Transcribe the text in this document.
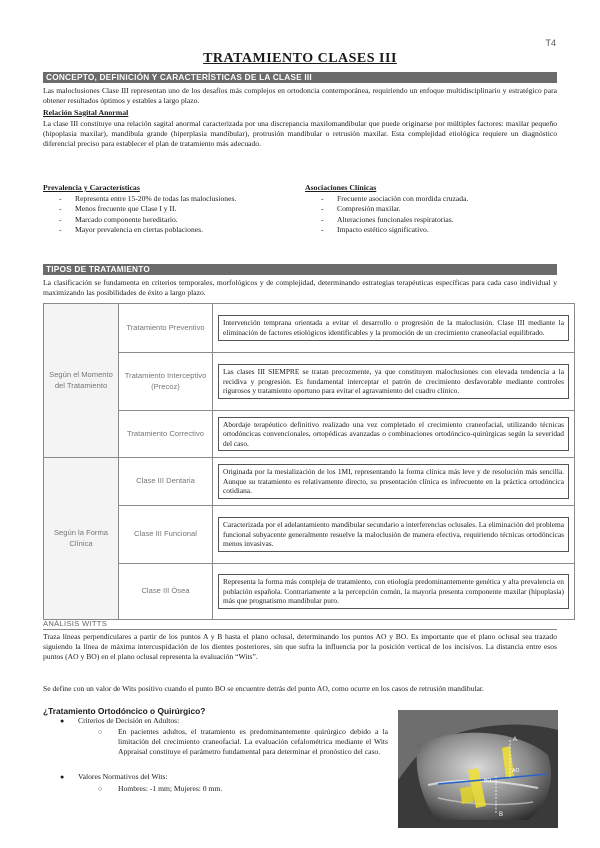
T4
TRATAMIENTO CLASES III
CONCEPTO, DEFINICIÓN Y CARACTERÍSTICAS DE LA CLASE III

Las maloclusiones Clase III representan uno de los desafíos más complejos en ortodoncia contemporánea, requiriendo un enfoque multidisciplinario y estratégico para obtener resultados óptimos y estables a largo plazo.

Relación Sagital Anormal

La clase III constituye una relación sagital anormal caracterizada por una discrepancia maxilomandibular que puede originarse por múltiples factores: maxilar pequeño (hipoplasia maxilar), mandíbula grande (hiperplasia mandibular), protrusión mandibular o retrusión maxilar. Esta complejidad etiológica requiere un diagnóstico diferencial preciso para establecer el plan de tratamiento más adecuado.

Prevalencia y Características
- Representa entre 15-20% de todas las maloclusiones.
- Menos frecuente que Clase I y II.
- Marcado componente hereditario.
- Mayor prevalencia en ciertas poblaciones.
Asociaciones Clínicas
- Frecuente asociación con mordida cruzada.
- Compresión maxilar.
- Alteraciones funcionales respiratorias.
- Impacto estético significativo.
TIPOS DE TRATAMIENTO

La clasificación se fundamenta en criterios temporales, morfológicos y de complejidad, determinando estrategias terapéuticas específicas para cada caso individual y maximizando las posibilidades de éxito a largo plazo.

Según el Momento del Tratamiento	Tratamiento Preventivo	Intervención temprana orientada a evitar el desarrollo o progresión de la maloclusión. Clase III mediante la eliminación de factores etiológicos identificables y la promoción de un crecimiento craneofacial equilibrado.

	Tratamiento Interceptivo (Precoz)	Las clases III SIEMPRE se tratan precozmente, ya que constituyen maloclusiones con elevada tendencia a la recidiva y progresión. Es fundamental interceptar el patrón de crecimiento desfavorable mediante controles rigurosos y tratamiento oportuno para evitar el agravamiento del cuadro clínico.

	Tratamiento Correctivo	Abordaje terapéutico definitivo realizado una vez completado el crecimiento craneofacial, utilizando técnicas ortodóncicas convencionales, ortopédicas avanzadas o combinaciones ortodóncico-quirúrgicas según la severidad del caso.

Según la Forma Clínica	Clase III Dentaria	Originada por la mesialización de los 1MI, representando la forma clínica más leve y de resolución más sencilla. Aunque su tratamiento es relativamente directo, su presentación clínica es infrecuente en la práctica ortodóncica cotidiana.

	Clase III Funcional	Caracterizada por el adelantamiento mandibular secundario a interferencias oclusales. La eliminación del problema funcional subyacente generalmente resuelve la maloclusión de manera efectiva, requiriendo técnicas ortodóncicas menos invasivas.

	Clase III Ósea	Representa la forma más compleja de tratamiento, con etiología predominantemente genética y alta prevalencia en población española. Contrariamente a la percepción común, la mayoría presenta componente maxilar (hipoplasia) más que prognatismo mandibular puro.
ANÁLISIS WITTS

Traza líneas perpendiculares a partir de los puntos A y B hasta el plano oclusal, determinando los puntos AO y BO. Es importante que el plano oclusal sea trazado siguiendo la línea de máxima intercuspidación de los dientes posteriores, sin que sufra la influencia por la posición vertical de los incisivos. La distancia entre esos puntos (AO y BO) en el plano oclusal representa la evaluación “Wits”.

Se define con un valor de Wits positivo cuando el punto BO se encuentre detrás del punto AO, como ocurre en los casos de retrusión mandibular.

¿Tratamiento Ortodóncico o Quirúrgico?
● Criterios de Decisión en Adultos:
○ En pacientes adultos, el tratamiento es predominantemente quirúrgico debido a la limitación del crecimiento craneofacial. La evaluación cefalométrica mediante el Wits Appraisal constituye el parámetro fundamental para determinar el pronóstico del caso.
● Valores Normativos del Wits:
○ Hombres: -1 mm; Mujeres: 0 mm.
A
B
AO
BO
